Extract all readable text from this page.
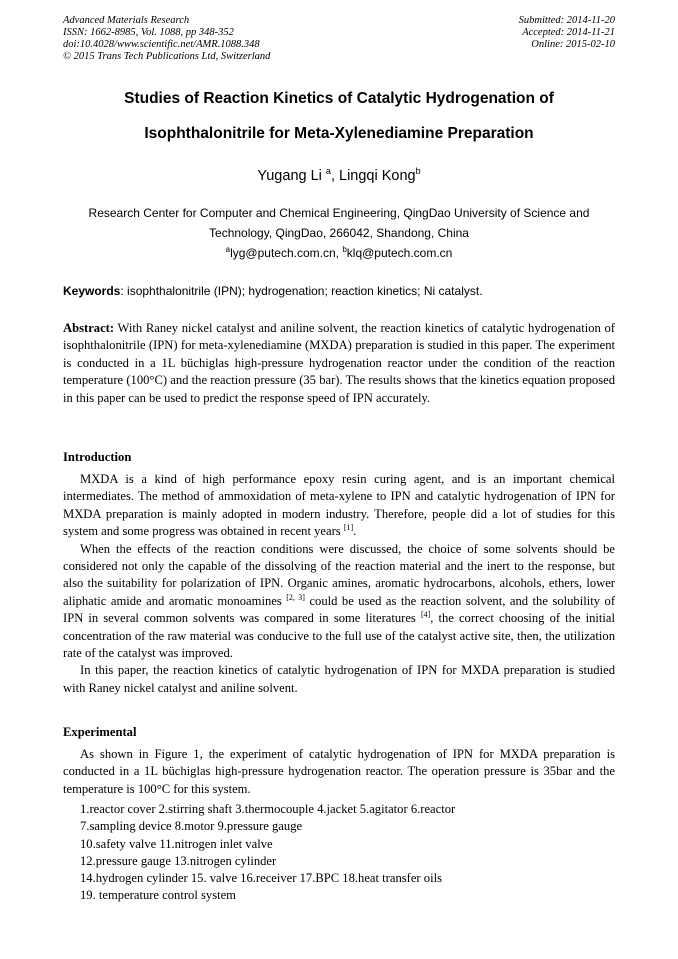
Advanced Materials Research
ISSN: 1662-8985, Vol. 1088, pp 348-352
doi:10.4028/www.scientific.net/AMR.1088.348
© 2015 Trans Tech Publications Ltd, Switzerland
Submitted: 2014-11-20
Accepted: 2014-11-21
Online: 2015-02-10
Studies of Reaction Kinetics of Catalytic Hydrogenation of
Isophthalonitrile for Meta-Xylenediamine Preparation
Yugang Li $^a$, Lingqi Kong$^b$
Research Center for Computer and Chemical Engineering, QingDao University of Science and
Technology, QingDao, 266042, Shandong, China
$^a$lyg@putech.com.cn, $^b$klq@putech.com.cn
Keywords: isophthalonitrile (IPN); hydrogenation; reaction kinetics; Ni catalyst.
Abstract: With Raney nickel catalyst and aniline solvent, the reaction kinetics of catalytic hydrogenation of isophthalonitrile (IPN) for meta-xylenediamine (MXDA) preparation is studied in this paper. The experiment is conducted in a 1L büchiglas high-pressure hydrogenation reactor under the condition of the reaction temperature (100°C) and the reaction pressure (35 bar). The results shows that the kinetics equation proposed in this paper can be used to predict the response speed of IPN accurately.
Introduction

MXDA is a kind of high performance epoxy resin curing agent, and is an important chemical intermediates. The method of ammoxidation of meta-xylene to IPN and catalytic hydrogenation of IPN for MXDA preparation is mainly adopted in modern industry. Therefore, people did a lot of studies for this system and some progress was obtained in recent years [1].

When the effects of the reaction conditions were discussed, the choice of some solvents should be considered not only the capable of the dissolving of the reaction material and the inert to the response, but also the suitability for polarization of IPN. Organic amines, aromatic hydrocarbons, alcohols, ethers, lower aliphatic amide and aromatic monoamines [2, 3] could be used as the reaction solvent, and the solubility of IPN in several common solvents was compared in some literatures [4], the correct choosing of the initial concentration of the raw material was conducive to the full use of the catalyst active site, then, the utilization rate of the catalyst was improved.

In this paper, the reaction kinetics of catalytic hydrogenation of IPN for MXDA preparation is studied with Raney nickel catalyst and aniline solvent.

Experimental

As shown in Figure 1, the experiment of catalytic hydrogenation of IPN for MXDA preparation is conducted in a 1L büchiglas high-pressure hydrogenation reactor. The operation pressure is 35bar and the temperature is 100°C for this system.

1.reactor cover 2.stirring shaft 3.thermocouple 4.jacket 5.agitator 6.reactor
7.sampling device 8.motor 9.pressure gauge
10.safety valve 11.nitrogen inlet valve
12.pressure gauge 13.nitrogen cylinder
14.hydrogen cylinder 15. valve 16.receiver 17.BPC 18.heat transfer oils
19. temperature control system
